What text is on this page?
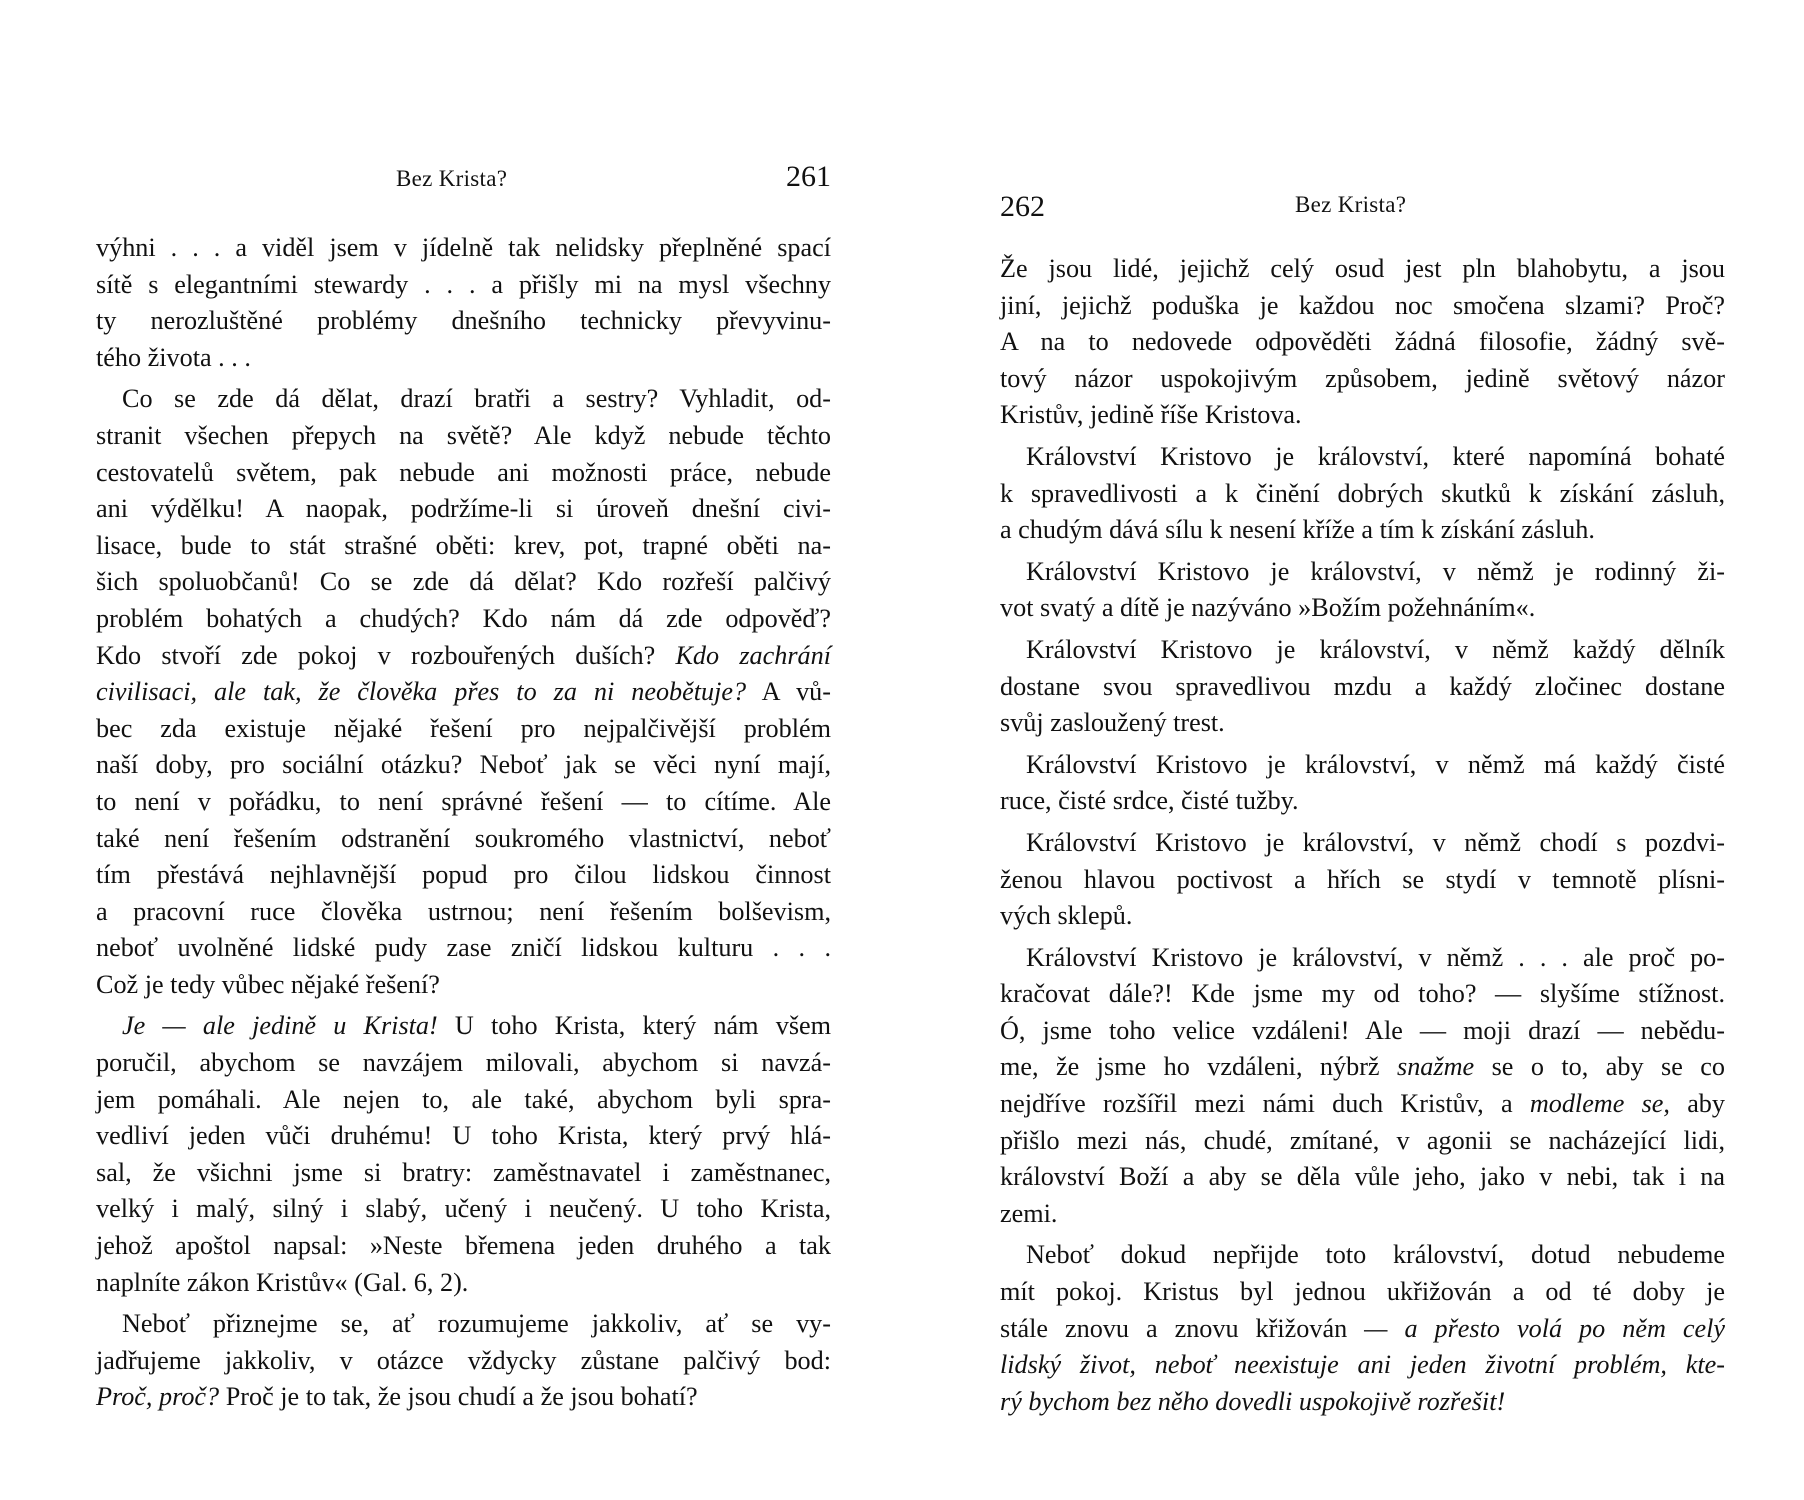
Bez Krista?	261
výhni . . . a viděl jsem v jídelně tak nelidsky přeplněné spací
sítě s elegantními stewardy . . . a přišly mi na mysl všechny
ty nerozluštěné problémy dnešního technicky převyvinu-
tého života . . .
Co se zde dá dělat, drazí bratři a sestry? Vyhladit, od-
stranit všechen přepych na světě? Ale když nebude těchto
cestovatelů světem, pak nebude ani možnosti práce, nebude
ani výdělku! A naopak, podržíme-li si úroveň dnešní civi-
lisace, bude to stát strašné oběti: krev, pot, trapné oběti na-
šich spoluobčanů! Co se zde dá dělat? Kdo rozřeší palčivý
problém bohatých a chudých? Kdo nám dá zde odpověď?
Kdo stvoří zde pokoj v rozbouřených duších? Kdo zachrání
civilisaci, ale tak, že člověka přes to za ni neobětuje? A vů-
bec zda existuje nějaké řešení pro nejpalčivější problém
naší doby, pro sociální otázku? Neboť jak se věci nyní mají,
to není v pořádku, to není správné řešení — to cítíme. Ale
také není řešením odstranění soukromého vlastnictví, neboť
tím přestává nejhlavnější popud pro čilou lidskou činnost
a pracovní ruce člověka ustrnou; není řešením bolševism,
neboť uvolněné lidské pudy zase zničí lidskou kulturu . . .
Což je tedy vůbec nějaké řešení?
Je — ale jedině u Krista! U toho Krista, který nám všem
poručil, abychom se navzájem milovali, abychom si navzá-
jem pomáhali. Ale nejen to, ale také, abychom byli spra-
vedliví jeden vůči druhému! U toho Krista, který prvý hlá-
sal, že všichni jsme si bratry: zaměstnavatel i zaměstnanec,
velký i malý, silný i slabý, učený i neučený. U toho Krista,
jehož apoštol napsal: »Neste břemena jeden druhého a tak
naplníte zákon Kristův« (Gal. 6, 2).
Neboť přiznejme se, ať rozumujeme jakkoliv, ať se vy-
jadřujeme jakkoliv, v otázce vždycky zůstane palčivý bod:
Proč, proč? Proč je to tak, že jsou chudí a že jsou bohatí?
262	Bez Krista?
Že jsou lidé, jejichž celý osud jest pln blahobytu, a jsou
jiní, jejichž poduška je každou noc smočena slzami? Proč?
A na to nedovede odpověděti žádná filosofie, žádný svě-
tový názor uspokojivým způsobem, jedině světový názor
Kristův, jedině říše Kristova.
Království Kristovo je království, které napomíná bohaté
k spravedlivosti a k činění dobrých skutků k získání zásluh,
a chudým dává sílu k nesení kříže a tím k získání zásluh.
Království Kristovo je království, v němž je rodinný ži-
vot svatý a dítě je nazýváno »Božím požehnáním«.
Království Kristovo je království, v němž každý dělník
dostane svou spravedlivou mzdu a každý zločinec dostane
svůj zasloužený trest.
Království Kristovo je království, v němž má každý čisté
ruce, čisté srdce, čisté tužby.
Království Kristovo je království, v němž chodí s pozdvi-
ženou hlavou poctivost a hřích se stydí v temnotě plísni-
vých sklepů.
Království Kristovo je království, v němž . . . ale proč po-
kračovat dále?! Kde jsme my od toho? — slyšíme stížnost.
Ó, jsme toho velice vzdáleni! Ale — moji drazí — nebědu-
me, že jsme ho vzdáleni, nýbrž snažme se o to, aby se co
nejdříve rozšířil mezi námi duch Kristův, a modleme se, aby
přišlo mezi nás, chudé, zmítané, v agonii se nacházející lidi,
království Boží a aby se děla vůle jeho, jako v nebi, tak i na
zemi.
Neboť dokud nepřijde toto království, dotud nebudeme
mít pokoj. Kristus byl jednou ukřižován a od té doby je
stále znovu a znovu křižován — a přesto volá po něm celý
lidský život, neboť neexistuje ani jeden životní problém, kte-
rý bychom bez něho dovedli uspokojivě rozřešit!
